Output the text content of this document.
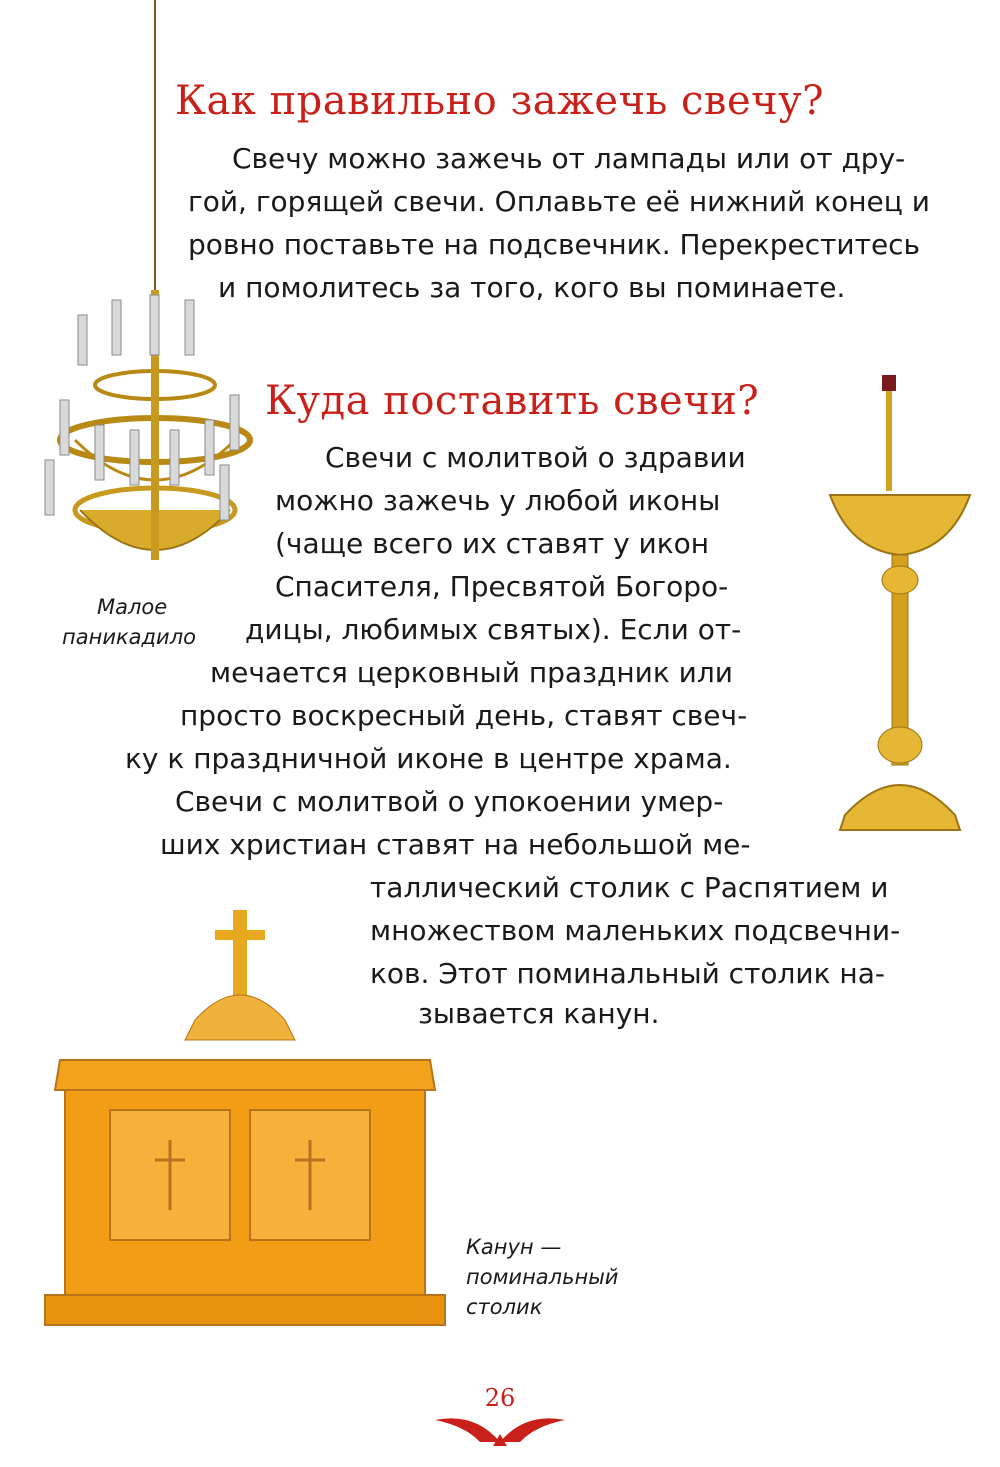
Как правильно зажечь свечу?
Куда поставить свечи?
Свечу можно зажечь от лампады или от дру-
гой, горящей свечи. Оплавьте её нижний конец и
ровно поставьте на подсвечник. Перекреститесь
и помолитесь за того, кого вы поминаете.
Свечи с молитвой о здравии
можно зажечь у любой иконы
(чаще всего их ставят у икон
Спасителя, Пресвятой Богоро-
дицы, любимых святых). Если от-
мечается церковный праздник или
просто воскресный день, ставят свеч-
ку к праздничной иконе в центре храма.
Свечи с молитвой о упокоении умер-
ших христиан ставят на небольшой ме-
таллический столик с Распятием и
множеством маленьких подсвечни-
ков. Этот поминальный столик на-
зывается канун.
Малое
паникадило
Канун —
поминальный
столик
26
